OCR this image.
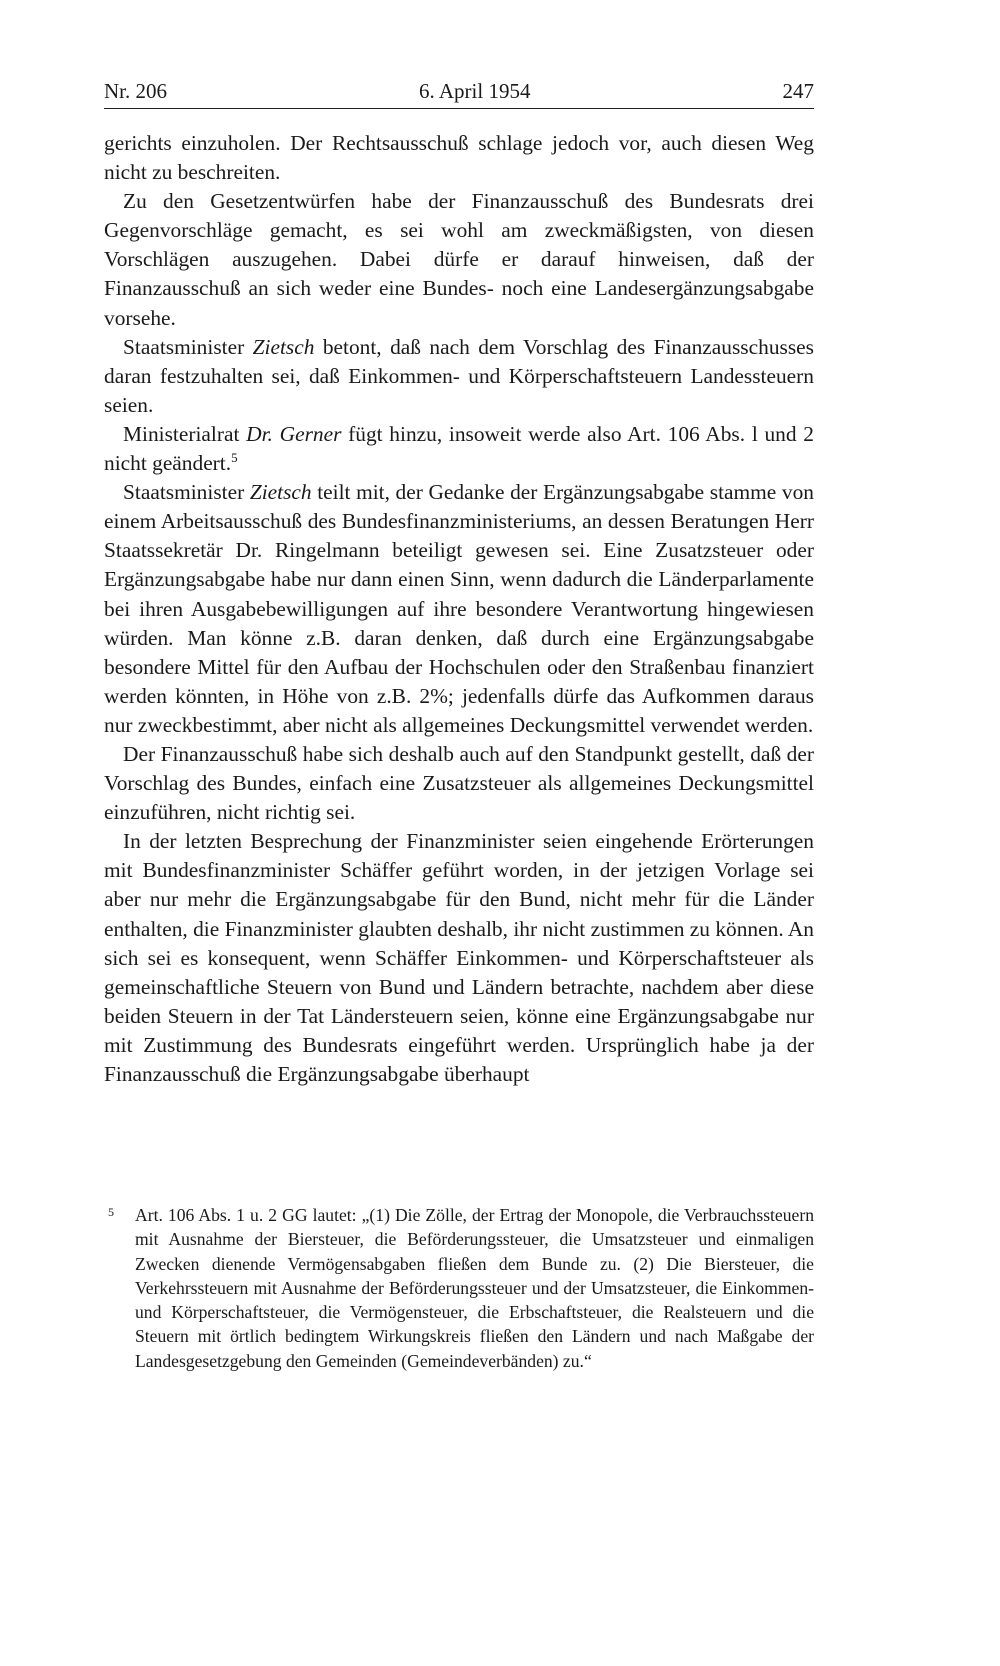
Nr. 206	6. April 1954	247

gerichts einzuholen. Der Rechtsausschuß schlage jedoch vor, auch diesen Weg nicht zu beschreiten.

Zu den Gesetzentwürfen habe der Finanzausschuß des Bundesrats drei Gegenvorschläge gemacht, es sei wohl am zweckmäßigsten, von diesen Vorschlägen auszugehen. Dabei dürfe er darauf hinweisen, daß der Finanzausschuß an sich weder eine Bundes- noch eine Landesergänzungsabgabe vorsehe.

Staatsminister Zietsch betont, daß nach dem Vorschlag des Finanzausschusses daran festzuhalten sei, daß Einkommen- und Körperschaftsteuern Landessteuern seien.

Ministerialrat Dr. Gerner fügt hinzu, insoweit werde also Art. 106 Abs. l und 2 nicht geändert.$^5$

Staatsminister Zietsch teilt mit, der Gedanke der Ergänzungsabgabe stamme von einem Arbeitsausschuß des Bundesfinanzministeriums, an dessen Beratungen Herr Staatssekretär Dr. Ringelmann beteiligt gewesen sei. Eine Zusatzsteuer oder Ergänzungsabgabe habe nur dann einen Sinn, wenn dadurch die Länderparlamente bei ihren Ausgabebewilligungen auf ihre besondere Verantwortung hingewiesen würden. Man könne z.B. daran denken, daß durch eine Ergänzungsabgabe besondere Mittel für den Aufbau der Hochschulen oder den Straßenbau finanziert werden könnten, in Höhe von z.B. 2%; jedenfalls dürfe das Aufkommen daraus nur zweckbestimmt, aber nicht als allgemeines Deckungsmittel verwendet werden.

Der Finanzausschuß habe sich deshalb auch auf den Standpunkt gestellt, daß der Vorschlag des Bundes, einfach eine Zusatzsteuer als allgemeines Deckungsmittel einzuführen, nicht richtig sei.

In der letzten Besprechung der Finanzminister seien eingehende Erörterungen mit Bundesfinanzminister Schäffer geführt worden, in der jetzigen Vorlage sei aber nur mehr die Ergänzungsabgabe für den Bund, nicht mehr für die Länder enthalten, die Finanzminister glaubten deshalb, ihr nicht zustimmen zu können. An sich sei es konsequent, wenn Schäffer Einkommen- und Körperschaftsteuer als gemeinschaftliche Steuern von Bund und Ländern betrachte, nachdem aber diese beiden Steuern in der Tat Ländersteuern seien, könne eine Ergänzungsabgabe nur mit Zustimmung des Bundesrats eingeführt werden. Ursprünglich habe ja der Finanzausschuß die Ergänzungsabgabe überhaupt

5	Art. 106 Abs. 1 u. 2 GG lautet: „(1) Die Zölle, der Ertrag der Monopole, die Verbrauchssteuern mit Ausnahme der Biersteuer, die Beförderungssteuer, die Umsatzsteuer und einmaligen Zwecken dienende Vermögensabgaben fließen dem Bunde zu. (2) Die Biersteuer, die Verkehrssteuern mit Ausnahme der Beförderungssteuer und der Umsatzsteuer, die Einkommen- und Körperschaftsteuer, die Vermögensteuer, die Erbschaftsteuer, die Realsteuern und die Steuern mit örtlich bedingtem Wirkungskreis fließen den Ländern und nach Maßgabe der Landesgesetzgebung den Gemeinden (Gemeindeverbänden) zu.“
